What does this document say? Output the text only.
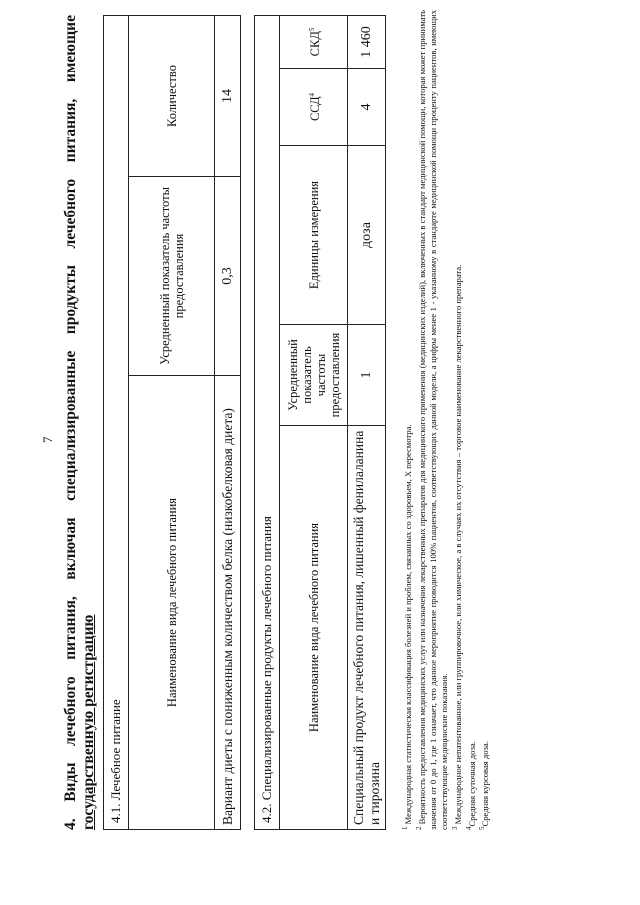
7 4. Виды лечебного питания, включая специализированные продукты лечебного питания, имеющие государственную регистрацию 4.1. Лечебное питание		
Наименование вида лечебного питания	Усредненный показатель частоты предоставления	Количество
Вариант диеты с пониженным количеством белка (низкобелковая диета)	0,3	14
4.2. Специализированные продукты лечебного питания				
Наименование вида лечебного питания	Усредненный показатель частоты предоставления	Единицы измерения	ССД$^4$	СКД$^5$
Специальный продукт лечебного питания, лишенный фенилаланина и тирозина	1	доза	4	1 460

$^1$ Международная статистическая классификация болезней и проблем, связанных со здоровьем, X пересмотра.

$^2$ Вероятность предоставления медицинских услуг или назначения лекарственных препаратов для медицинского применения (медицинских изделий), включенных в стандарт медицинской помощи, которая может принимать значения от 0 до 1, где 1 означает, что данное мероприятие проводится 100% пациентов, соответствующих данной модели, а цифры менее 1 - указанному в стандарте медицинской помощи проценту пациентов, имеющих соответствующие медицинские показания. $^3$ Международное непатентованное, или группировочное, или химическое, а в случаях их отсутствия – торговое наименование лекарственного препарата.

$^4$Средняя суточная доза.

$^5$Средняя курсовая доза.
